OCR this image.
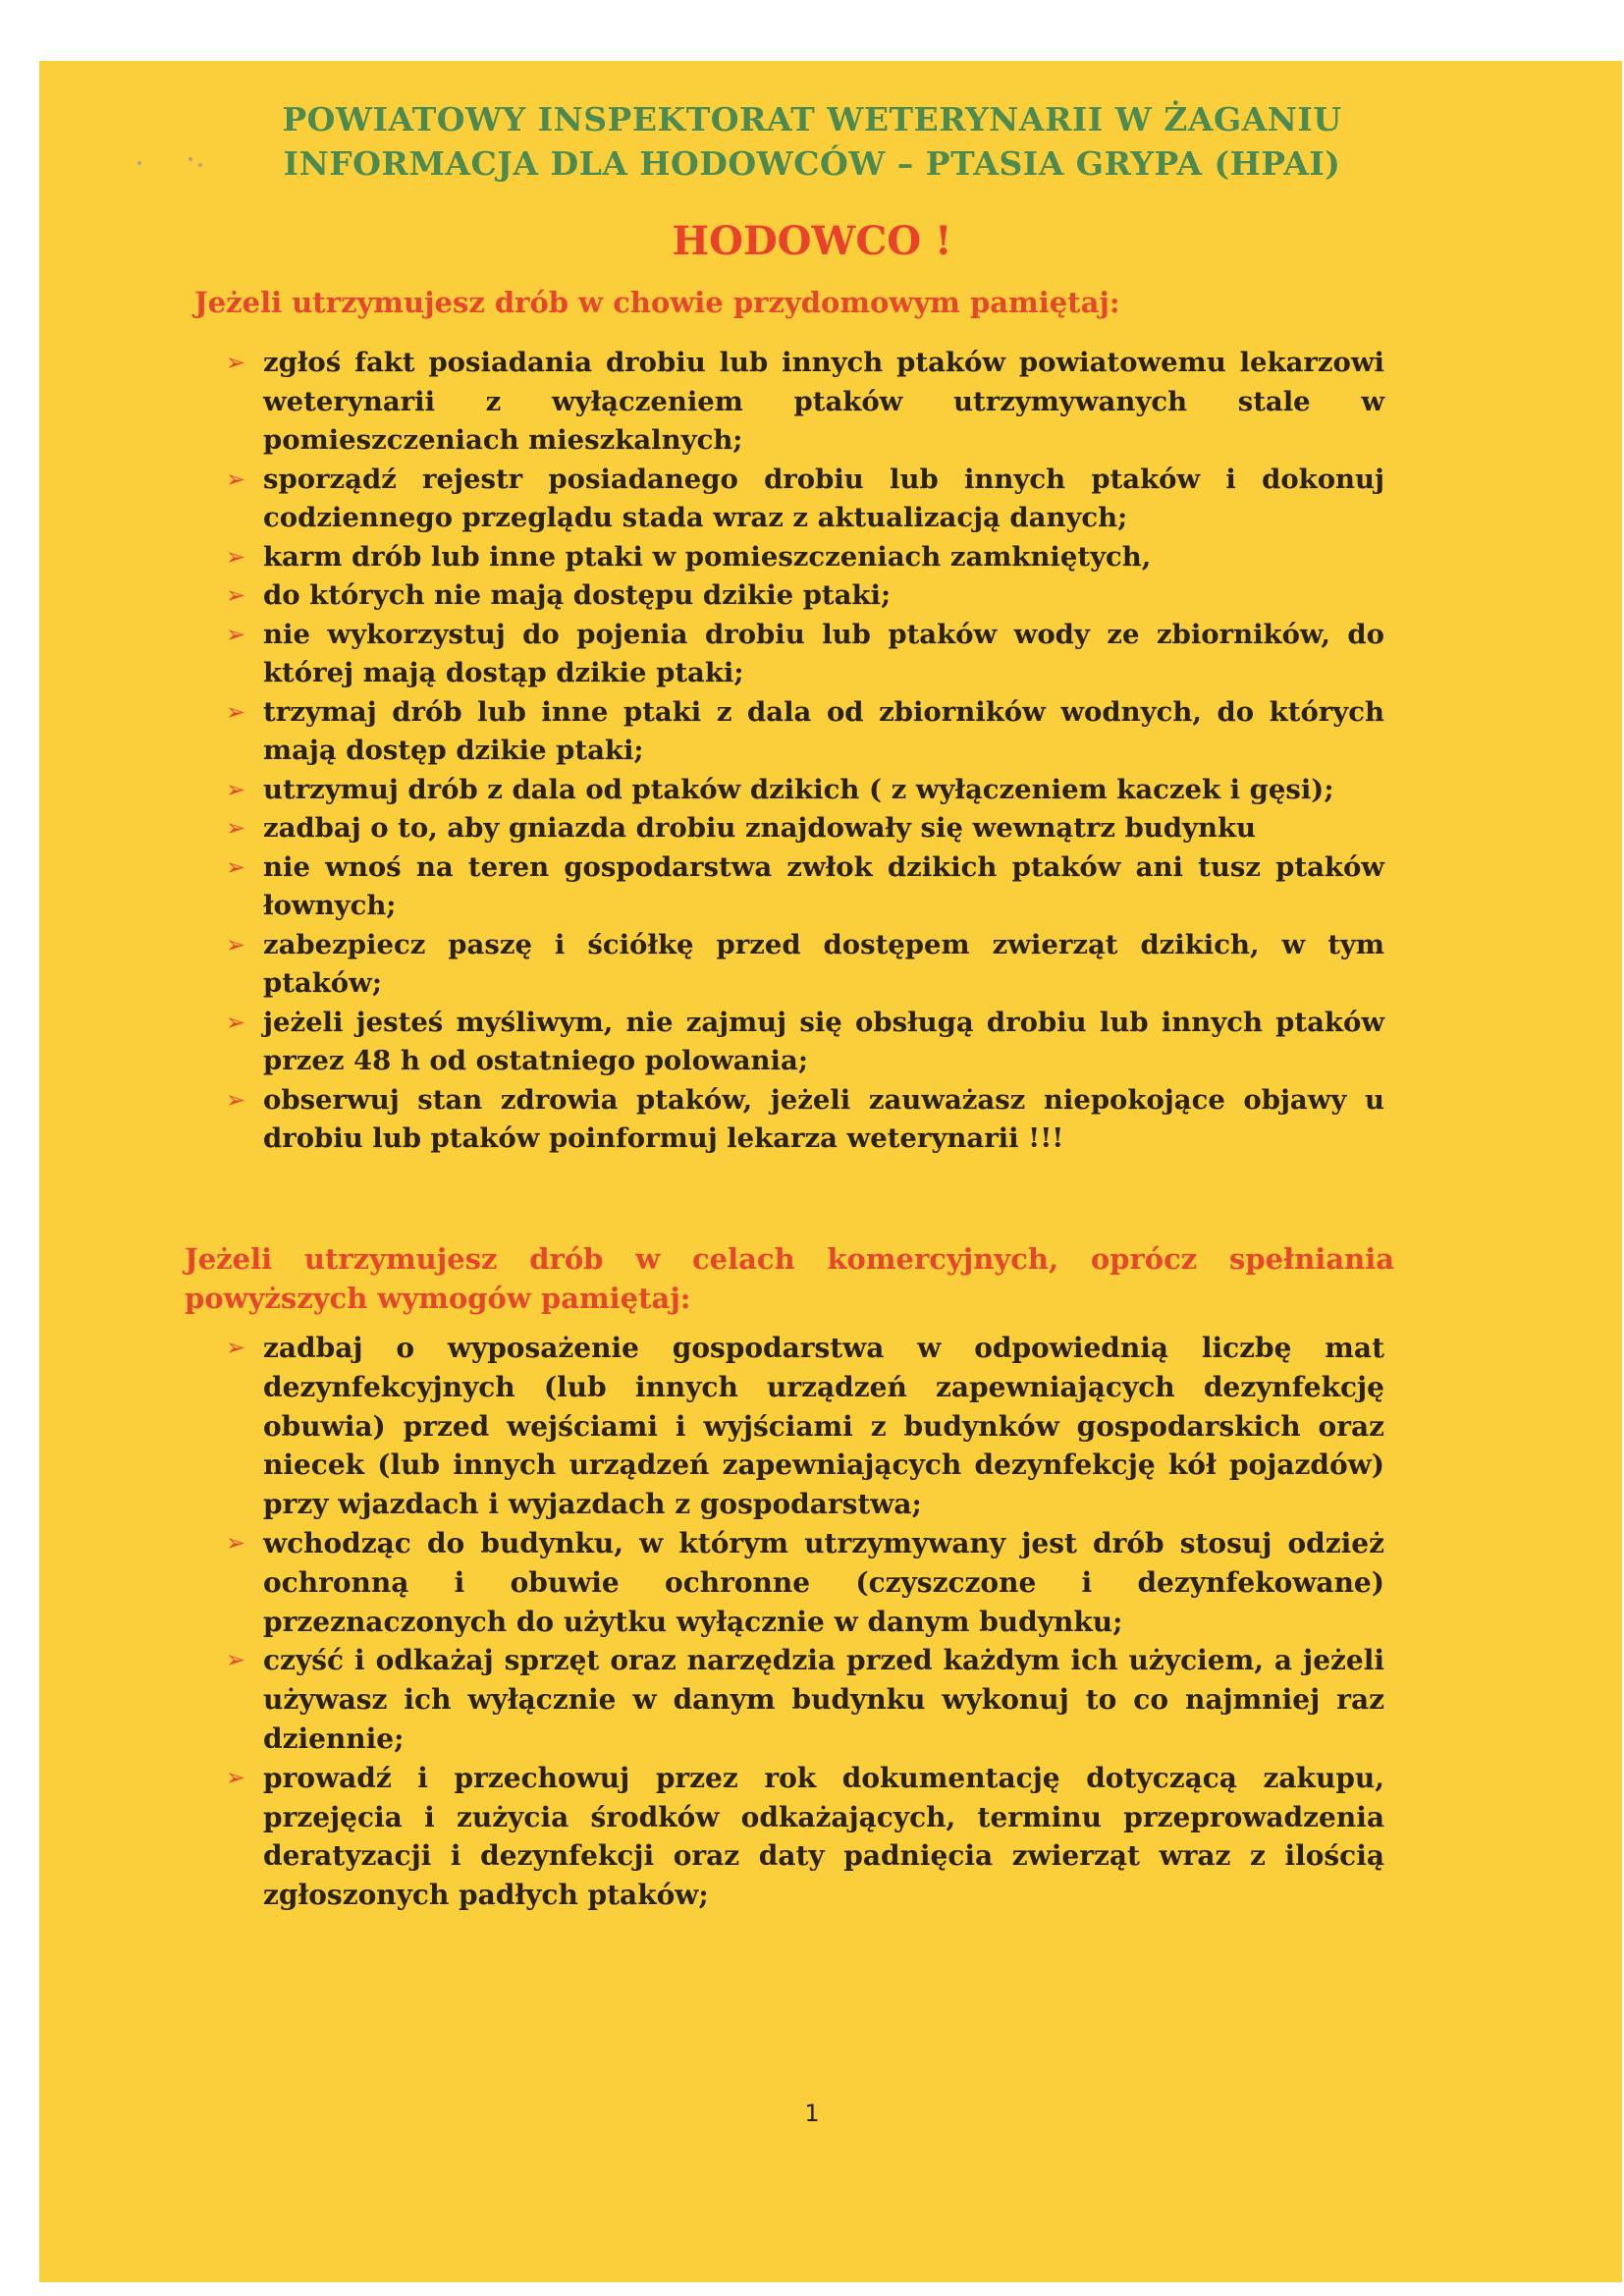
POWIATOWY INSPEKTORAT WETERYNARII W ŻAGANIU
INFORMACJA DLA HODOWCÓW – PTASIA GRYPA (HPAI)
HODOWCO !
Jeżeli utrzymujesz drób w chowie przydomowym pamiętaj:
➢ zgłoś fakt posiadania drobiu lub innych ptaków powiatowemu lekarzowi weterynarii z wyłączeniem ptaków utrzymywanych stale w pomieszczeniach mieszkalnych;
➢ sporządź rejestr posiadanego drobiu lub innych ptaków i dokonuj codziennego przeglądu stada wraz z aktualizacją danych;
➢ karm drób lub inne ptaki w pomieszczeniach zamkniętych,
➢ do których nie mają dostępu dzikie ptaki;
➢ nie wykorzystuj do pojenia drobiu lub ptaków wody ze zbiorników, do której mają dostąp dzikie ptaki;
➢ trzymaj drób lub inne ptaki z dala od zbiorników wodnych, do których mają dostęp dzikie ptaki;
➢ utrzymuj drób z dala od ptaków dzikich ( z wyłączeniem kaczek i gęsi);
➢ zadbaj o to, aby gniazda drobiu znajdowały się wewnątrz budynku
➢ nie wnoś na teren gospodarstwa zwłok dzikich ptaków ani tusz ptaków łownych;
➢ zabezpiecz paszę i ściółkę przed dostępem zwierząt dzikich, w tym ptaków;
➢ jeżeli jesteś myśliwym, nie zajmuj się obsługą drobiu lub innych ptaków przez 48 h od ostatniego polowania;
➢ obserwuj stan zdrowia ptaków, jeżeli zauważasz niepokojące objawy u drobiu lub ptaków poinformuj lekarza weterynarii !!!
Jeżeli utrzymujesz drób w celach komercyjnych, oprócz spełniania powyższych wymogów pamiętaj:
➢ zadbaj o wyposażenie gospodarstwa w odpowiednią liczbę mat dezynfekcyjnych (lub innych urządzeń zapewniających dezynfekcję obuwia) przed wejściami i wyjściami z budynków gospodarskich oraz niecek (lub innych urządzeń zapewniających dezynfekcję kół pojazdów) przy wjazdach i wyjazdach z gospodarstwa;
➢ wchodząc do budynku, w którym utrzymywany jest drób stosuj odzież ochronną i obuwie ochronne (czyszczone i dezynfekowane) przeznaczonych do użytku wyłącznie w danym budynku;
➢ czyść i odkażaj sprzęt oraz narzędzia przed każdym ich użyciem, a jeżeli używasz ich wyłącznie w danym budynku wykonuj to co najmniej raz dziennie;
➢ prowadź i przechowuj przez rok dokumentację dotyczącą zakupu, przejęcia i zużycia środków odkażających, terminu przeprowadzenia deratyzacji i dezynfekcji oraz daty padnięcia zwierząt wraz z ilością zgłoszonych padłych ptaków;
1
